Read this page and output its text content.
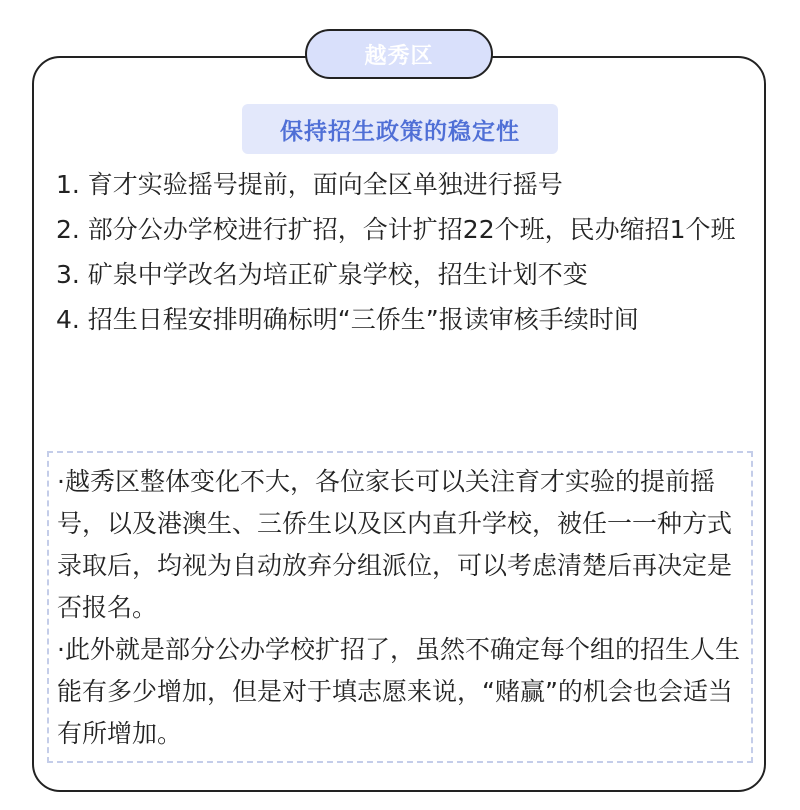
越秀区
保持招生政策的稳定性
1. 育才实验摇号提前，面向全区单独进行摇号
2. 部分公办学校进行扩招，合计扩招22个班，民办缩招1个班
3. 矿泉中学改名为培正矿泉学校，招生计划不变
4. 招生日程安排明确标明“三侨生”报读审核手续时间

·越秀区整体变化不大，各位家长可以关注育才实验的提前摇号，以及港澳生、三侨生以及区内直升学校，被任一一种方式录取后，均视为自动放弃分组派位，可以考虑清楚后再决定是否报名。

·此外就是部分公办学校扩招了，虽然不确定每个组的招生人生能有多少增加，但是对于填志愿来说，“赌赢”的机会也会适当有所增加。
